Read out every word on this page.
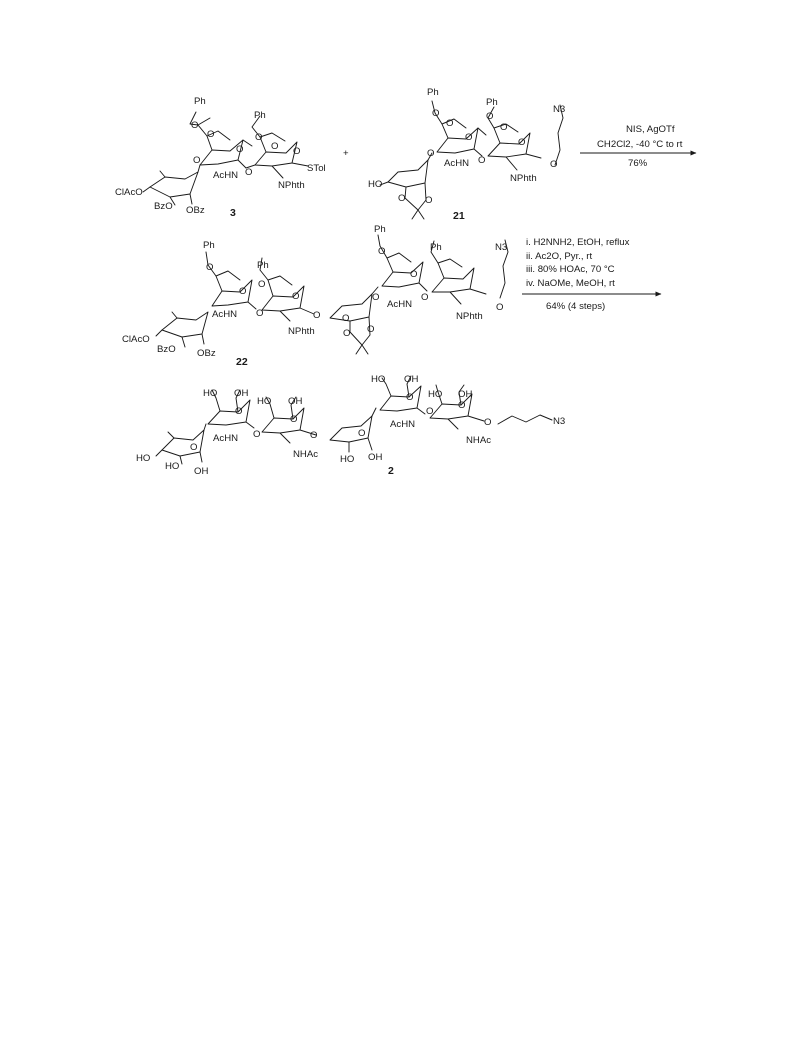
Ph
Ph
O
O	O
O
O	O
O
AcHN O	STol
NPhth
ClAcO
BzO OBz 3
+
Ph
Ph
N3
O	O
O	O
O	O
O
AcHN O	O
NPhth
HO
O O
21
NIS, AgOTf
CH2Cl2, -40 °C to rt
76%
Ph
Ph
Ph
Ph	N3
O
O
O	O
AcHN O	O
NPhth
O
O
O
AcHN
O
O
NPhth
O
ClAcO
BzO OBz
O O
22
i. H2NNH2, EtOH, reflux
ii. Ac2O, Pyr., rt
iii. 80% HOAc, 70 °C
iv. NaOMe, MeOH, rt
64% (4 steps)
HO OH
HO OH	HO OH
HO OH
O
AcHN
O
NHAc
O
O
AcHN
O
NHAc
O	N3
HO
HO OH
HO OH
O
O	O
O
2
